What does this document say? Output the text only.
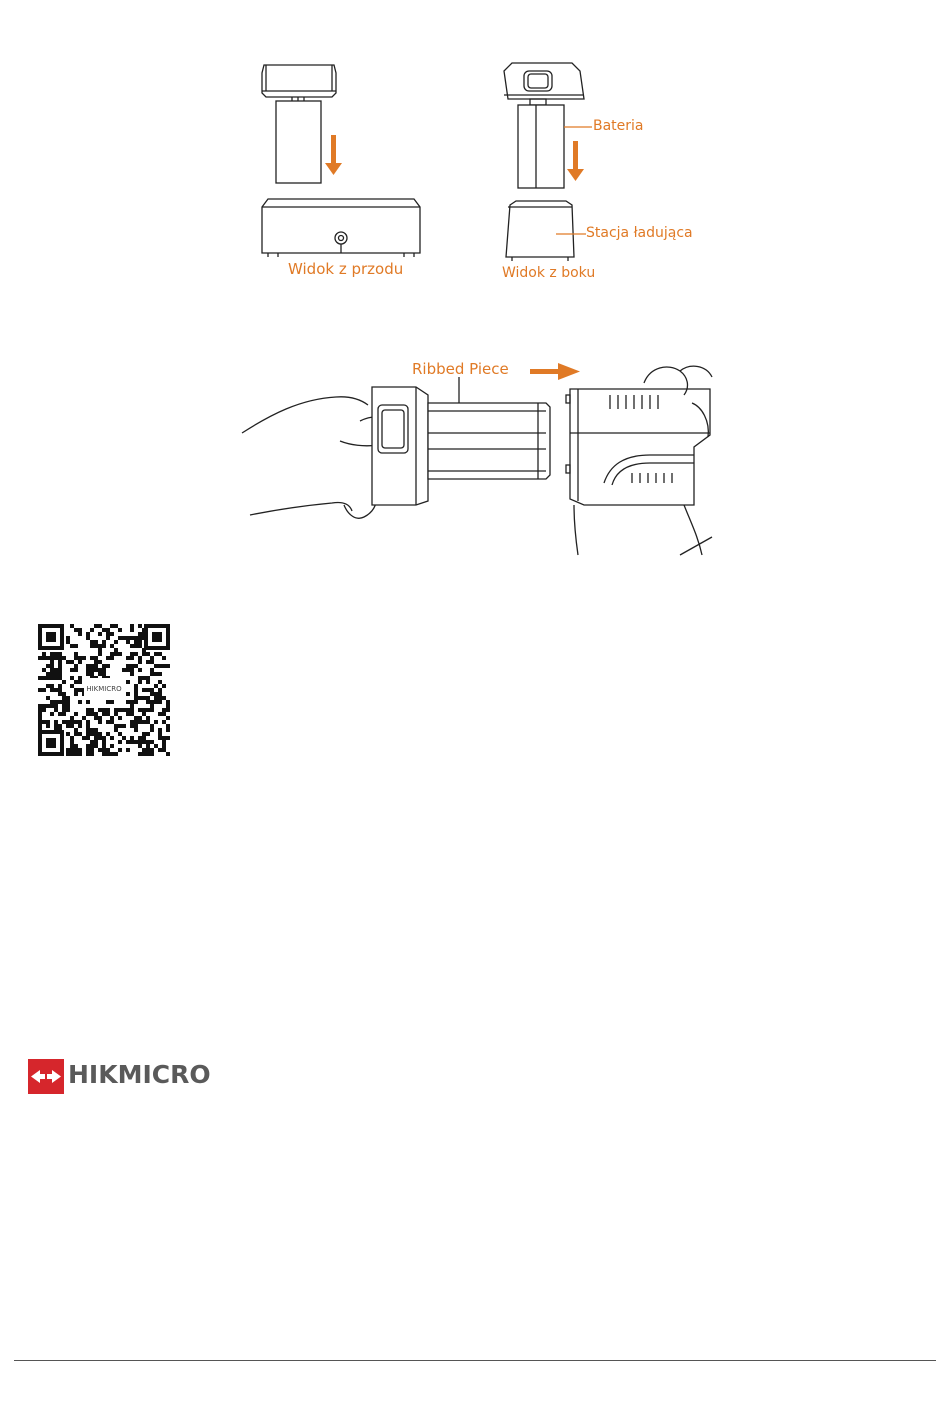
Widok z przodu	Widok z boku
Bateria
Stacja ładująca
Ribbed Piece
HIKMICRO
HIKMICRO
